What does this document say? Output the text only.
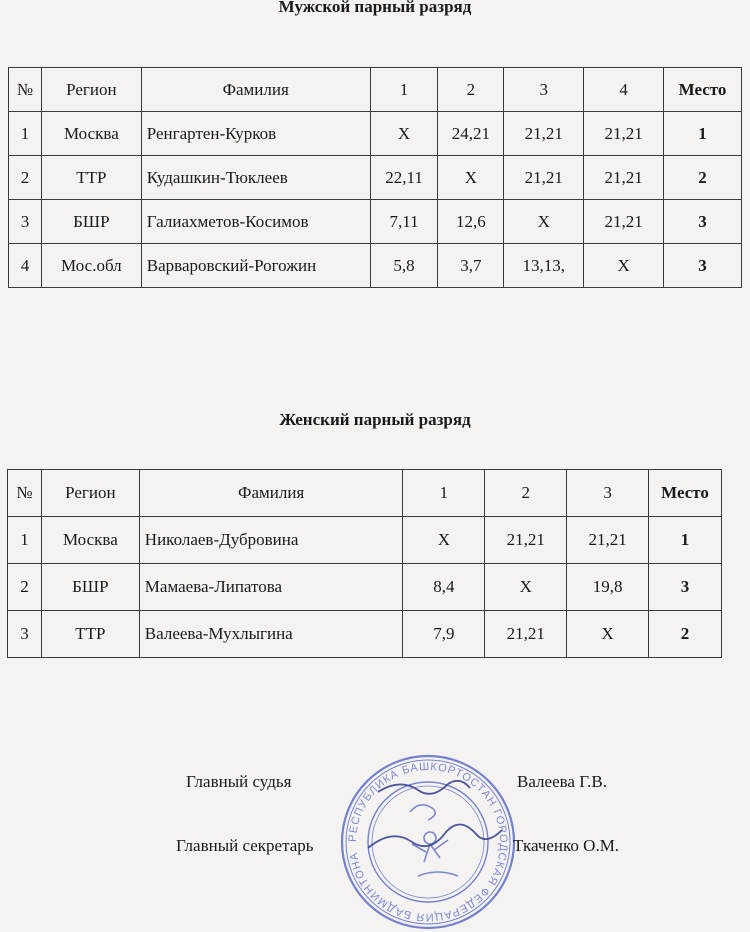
Мужской парный разряд
№	Регион	Фамилия	1	2	3	4	Место
1	Москва	Ренгартен-Курков	X	24,21	21,21	21,21	1
2	ТТР	Кудашкин-Тюклеев	22,11	X	21,21	21,21	2
3	БШР	Галиахметов-Косимов	7,11	12,6	X	21,21	3
4	Мос.обл	Варваровский-Рогожин	5,8	3,7	13,13,	X	3
Женский парный разряд
№	Регион	Фамилия	1	2	3	Место
1	Москва	Николаев-Дубровина	X	21,21	21,21	1
2	БШР	Мамаева-Липатова	8,4	X	19,8	3
3	ТТР	Валеева-Мухлыгина	7,9	21,21	X	2
РЕСПУБЛИКА БАШКОРТОСТАН ГОРОДСКАЯ ФЕДЕРАЦИЯ БАДМИНТОНА
Главный судья	Валеева Г.В.
Главный секретарь	Ткаченко О.М.
